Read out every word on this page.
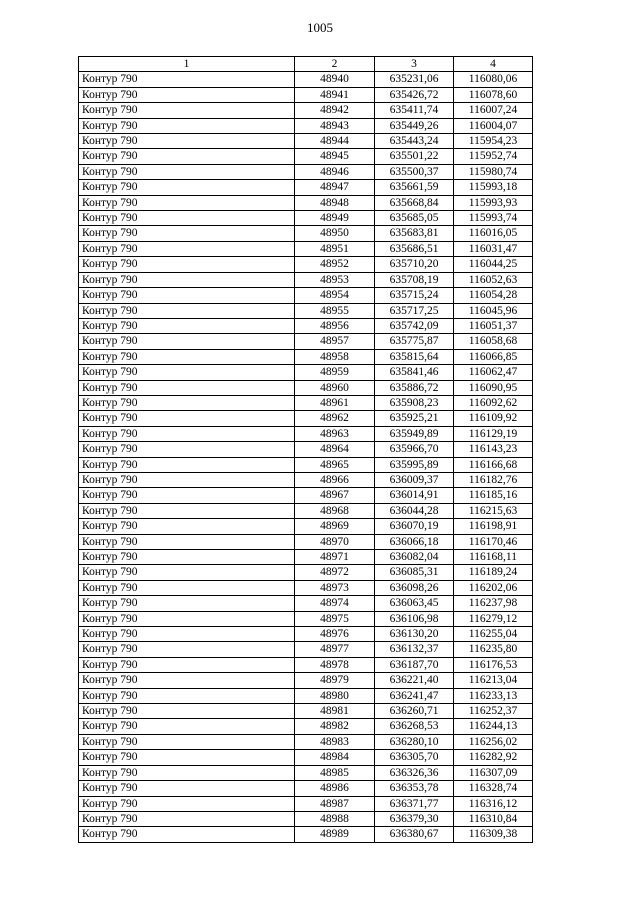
1005
1	2	3	4
Контур 790	48940	635231,06	116080,06
Контур 790	48941	635426,72	116078,60
Контур 790	48942	635411,74	116007,24
Контур 790	48943	635449,26	116004,07
Контур 790	48944	635443,24	115954,23
Контур 790	48945	635501,22	115952,74
Контур 790	48946	635500,37	115980,74
Контур 790	48947	635661,59	115993,18
Контур 790	48948	635668,84	115993,93
Контур 790	48949	635685,05	115993,74
Контур 790	48950	635683,81	116016,05
Контур 790	48951	635686,51	116031,47
Контур 790	48952	635710,20	116044,25
Контур 790	48953	635708,19	116052,63
Контур 790	48954	635715,24	116054,28
Контур 790	48955	635717,25	116045,96
Контур 790	48956	635742,09	116051,37
Контур 790	48957	635775,87	116058,68
Контур 790	48958	635815,64	116066,85
Контур 790	48959	635841,46	116062,47
Контур 790	48960	635886,72	116090,95
Контур 790	48961	635908,23	116092,62
Контур 790	48962	635925,21	116109,92
Контур 790	48963	635949,89	116129,19
Контур 790	48964	635966,70	116143,23
Контур 790	48965	635995,89	116166,68
Контур 790	48966	636009,37	116182,76
Контур 790	48967	636014,91	116185,16
Контур 790	48968	636044,28	116215,63
Контур 790	48969	636070,19	116198,91
Контур 790	48970	636066,18	116170,46
Контур 790	48971	636082,04	116168,11
Контур 790	48972	636085,31	116189,24
Контур 790	48973	636098,26	116202,06
Контур 790	48974	636063,45	116237,98
Контур 790	48975	636106,98	116279,12
Контур 790	48976	636130,20	116255,04
Контур 790	48977	636132,37	116235,80
Контур 790	48978	636187,70	116176,53
Контур 790	48979	636221,40	116213,04
Контур 790	48980	636241,47	116233,13
Контур 790	48981	636260,71	116252,37
Контур 790	48982	636268,53	116244,13
Контур 790	48983	636280,10	116256,02
Контур 790	48984	636305,70	116282,92
Контур 790	48985	636326,36	116307,09
Контур 790	48986	636353,78	116328,74
Контур 790	48987	636371,77	116316,12
Контур 790	48988	636379,30	116310,84
Контур 790	48989	636380,67	116309,38
